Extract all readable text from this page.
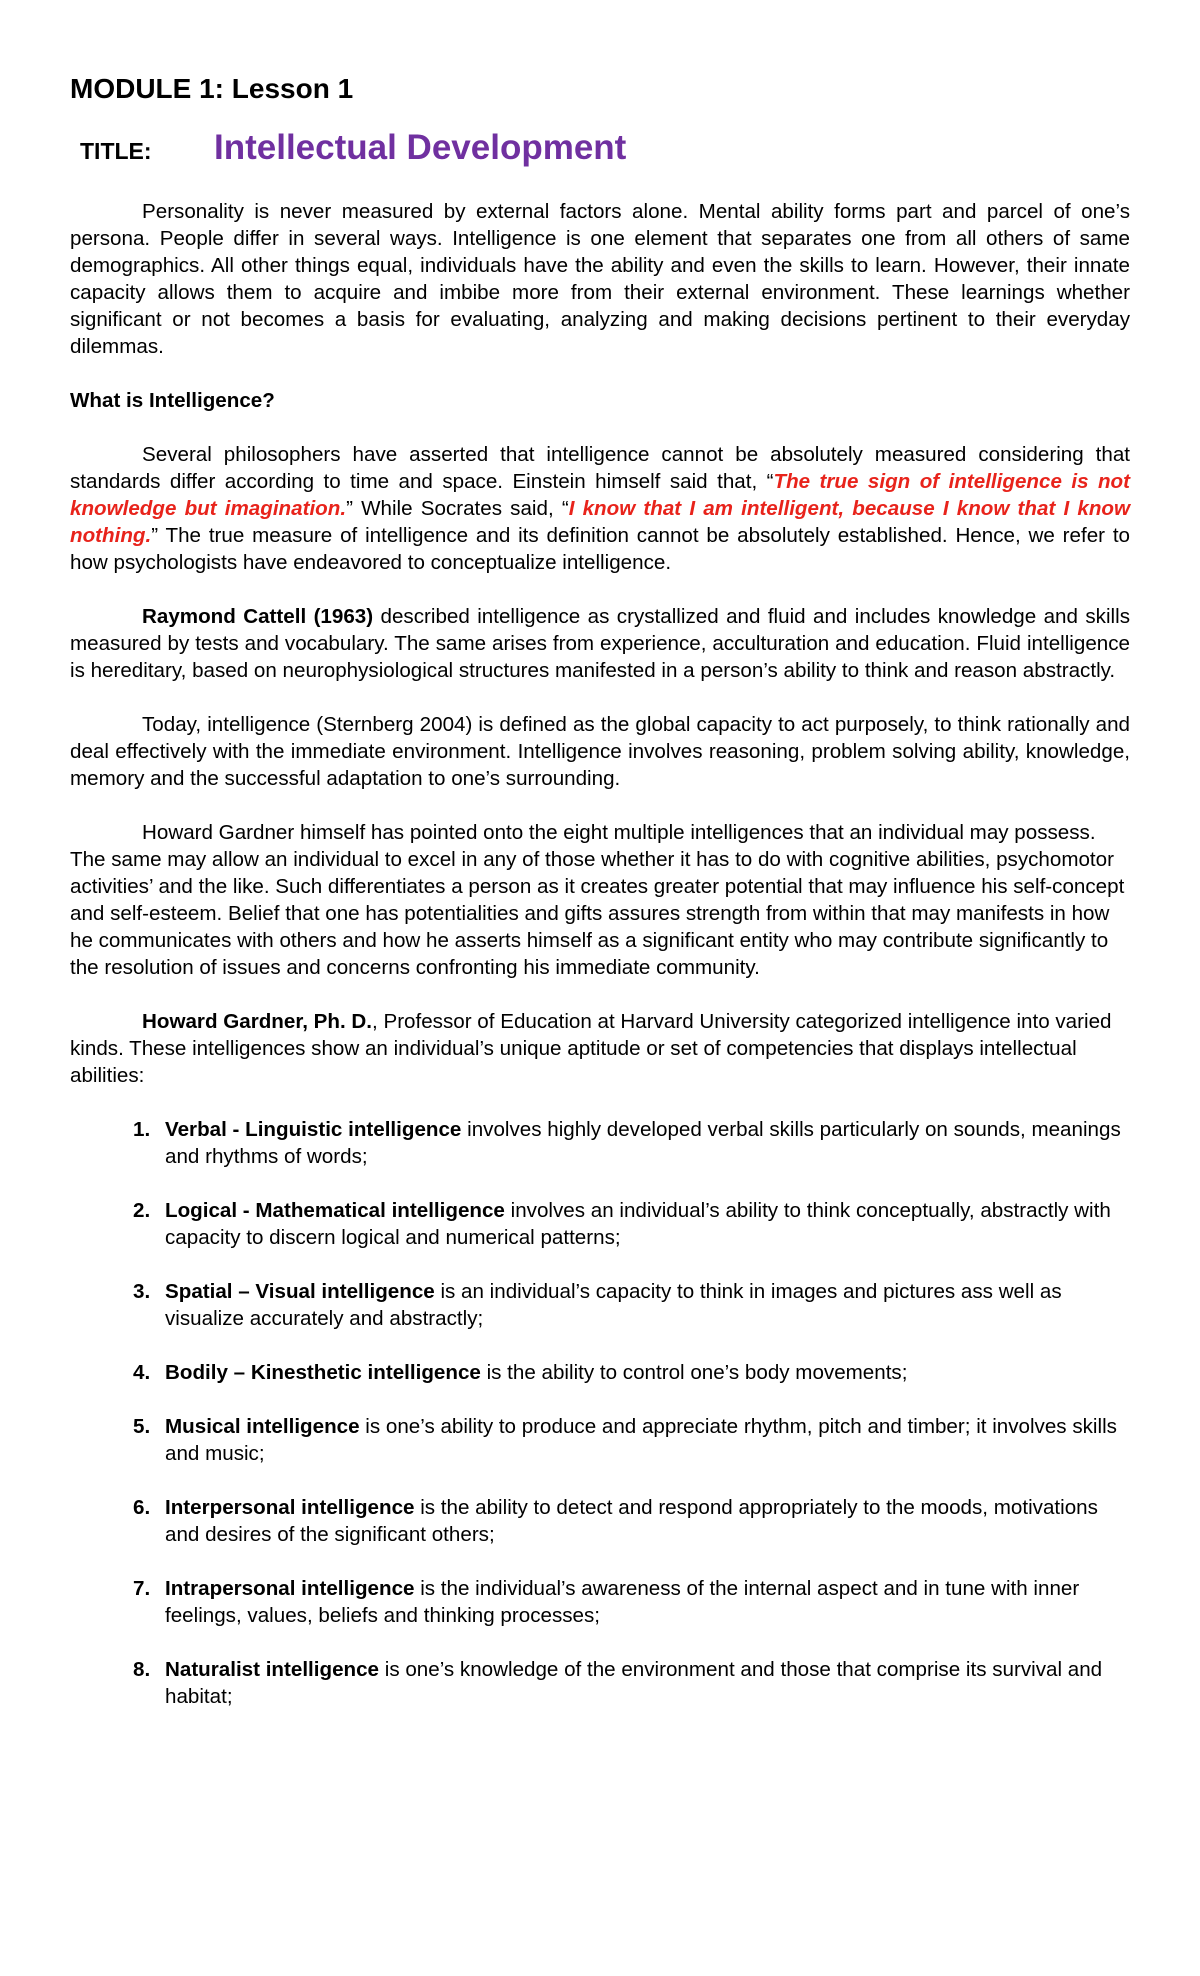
MODULE 1: Lesson 1
TITLE:	Intellectual Development

Personality is never measured by external factors alone. Mental ability forms part and parcel of one’s persona. People differ in several ways. Intelligence is one element that separates one from all others of same demographics. All other things equal, individuals have the ability and even the skills to learn. However, their innate capacity allows them to acquire and imbibe more from their external environment. These learnings whether significant or not becomes a basis for evaluating, analyzing and making decisions pertinent to their everyday dilemmas.

What is Intelligence?

Several philosophers have asserted that intelligence cannot be absolutely measured considering that standards differ according to time and space. Einstein himself said that, “The true sign of intelligence is not knowledge but imagination.” While Socrates said, “I know that I am intelligent, because I know that I know nothing.” The true measure of intelligence and its definition cannot be absolutely established. Hence, we refer to how psychologists have endeavored to conceptualize intelligence.

Raymond Cattell (1963) described intelligence as crystallized and fluid and includes knowledge and skills measured by tests and vocabulary. The same arises from experience, acculturation and education. Fluid intelligence is hereditary, based on neurophysiological structures manifested in a person’s ability to think and reason abstractly.

Today, intelligence (Sternberg 2004) is defined as the global capacity to act purposely, to think rationally and deal effectively with the immediate environment. Intelligence involves reasoning, problem solving ability, knowledge, memory and the successful adaptation to one’s surrounding.

Howard Gardner himself has pointed onto the eight multiple intelligences that an individual may possess. The same may allow an individual to excel in any of those whether it has to do with cognitive abilities, psychomotor activities’ and the like. Such differentiates a person as it creates greater potential that may influence his self-concept and self-esteem. Belief that one has potentialities and gifts assures strength from within that may manifests in how he communicates with others and how he asserts himself as a significant entity who may contribute significantly to the resolution of issues and concerns confronting his immediate community.

Howard Gardner, Ph. D., Professor of Education at Harvard University categorized intelligence into varied kinds. These intelligences show an individual’s unique aptitude or set of competencies that displays intellectual abilities:

1. Verbal - Linguistic intelligence involves highly developed verbal skills particularly on sounds, meanings and rhythms of words;
2. Logical - Mathematical intelligence involves an individual’s ability to think conceptually, abstractly with capacity to discern logical and numerical patterns;
3. Spatial – Visual intelligence is an individual’s capacity to think in images and pictures ass well as visualize accurately and abstractly;
4. Bodily – Kinesthetic intelligence is the ability to control one’s body movements;
5. Musical intelligence is one’s ability to produce and appreciate rhythm, pitch and timber; it involves skills and music;
6. Interpersonal intelligence is the ability to detect and respond appropriately to the moods, motivations and desires of the significant others;
7. Intrapersonal intelligence is the individual’s awareness of the internal aspect and in tune with inner feelings, values, beliefs and thinking processes;
8. Naturalist intelligence is one’s knowledge of the environment and those that comprise its survival and habitat;
